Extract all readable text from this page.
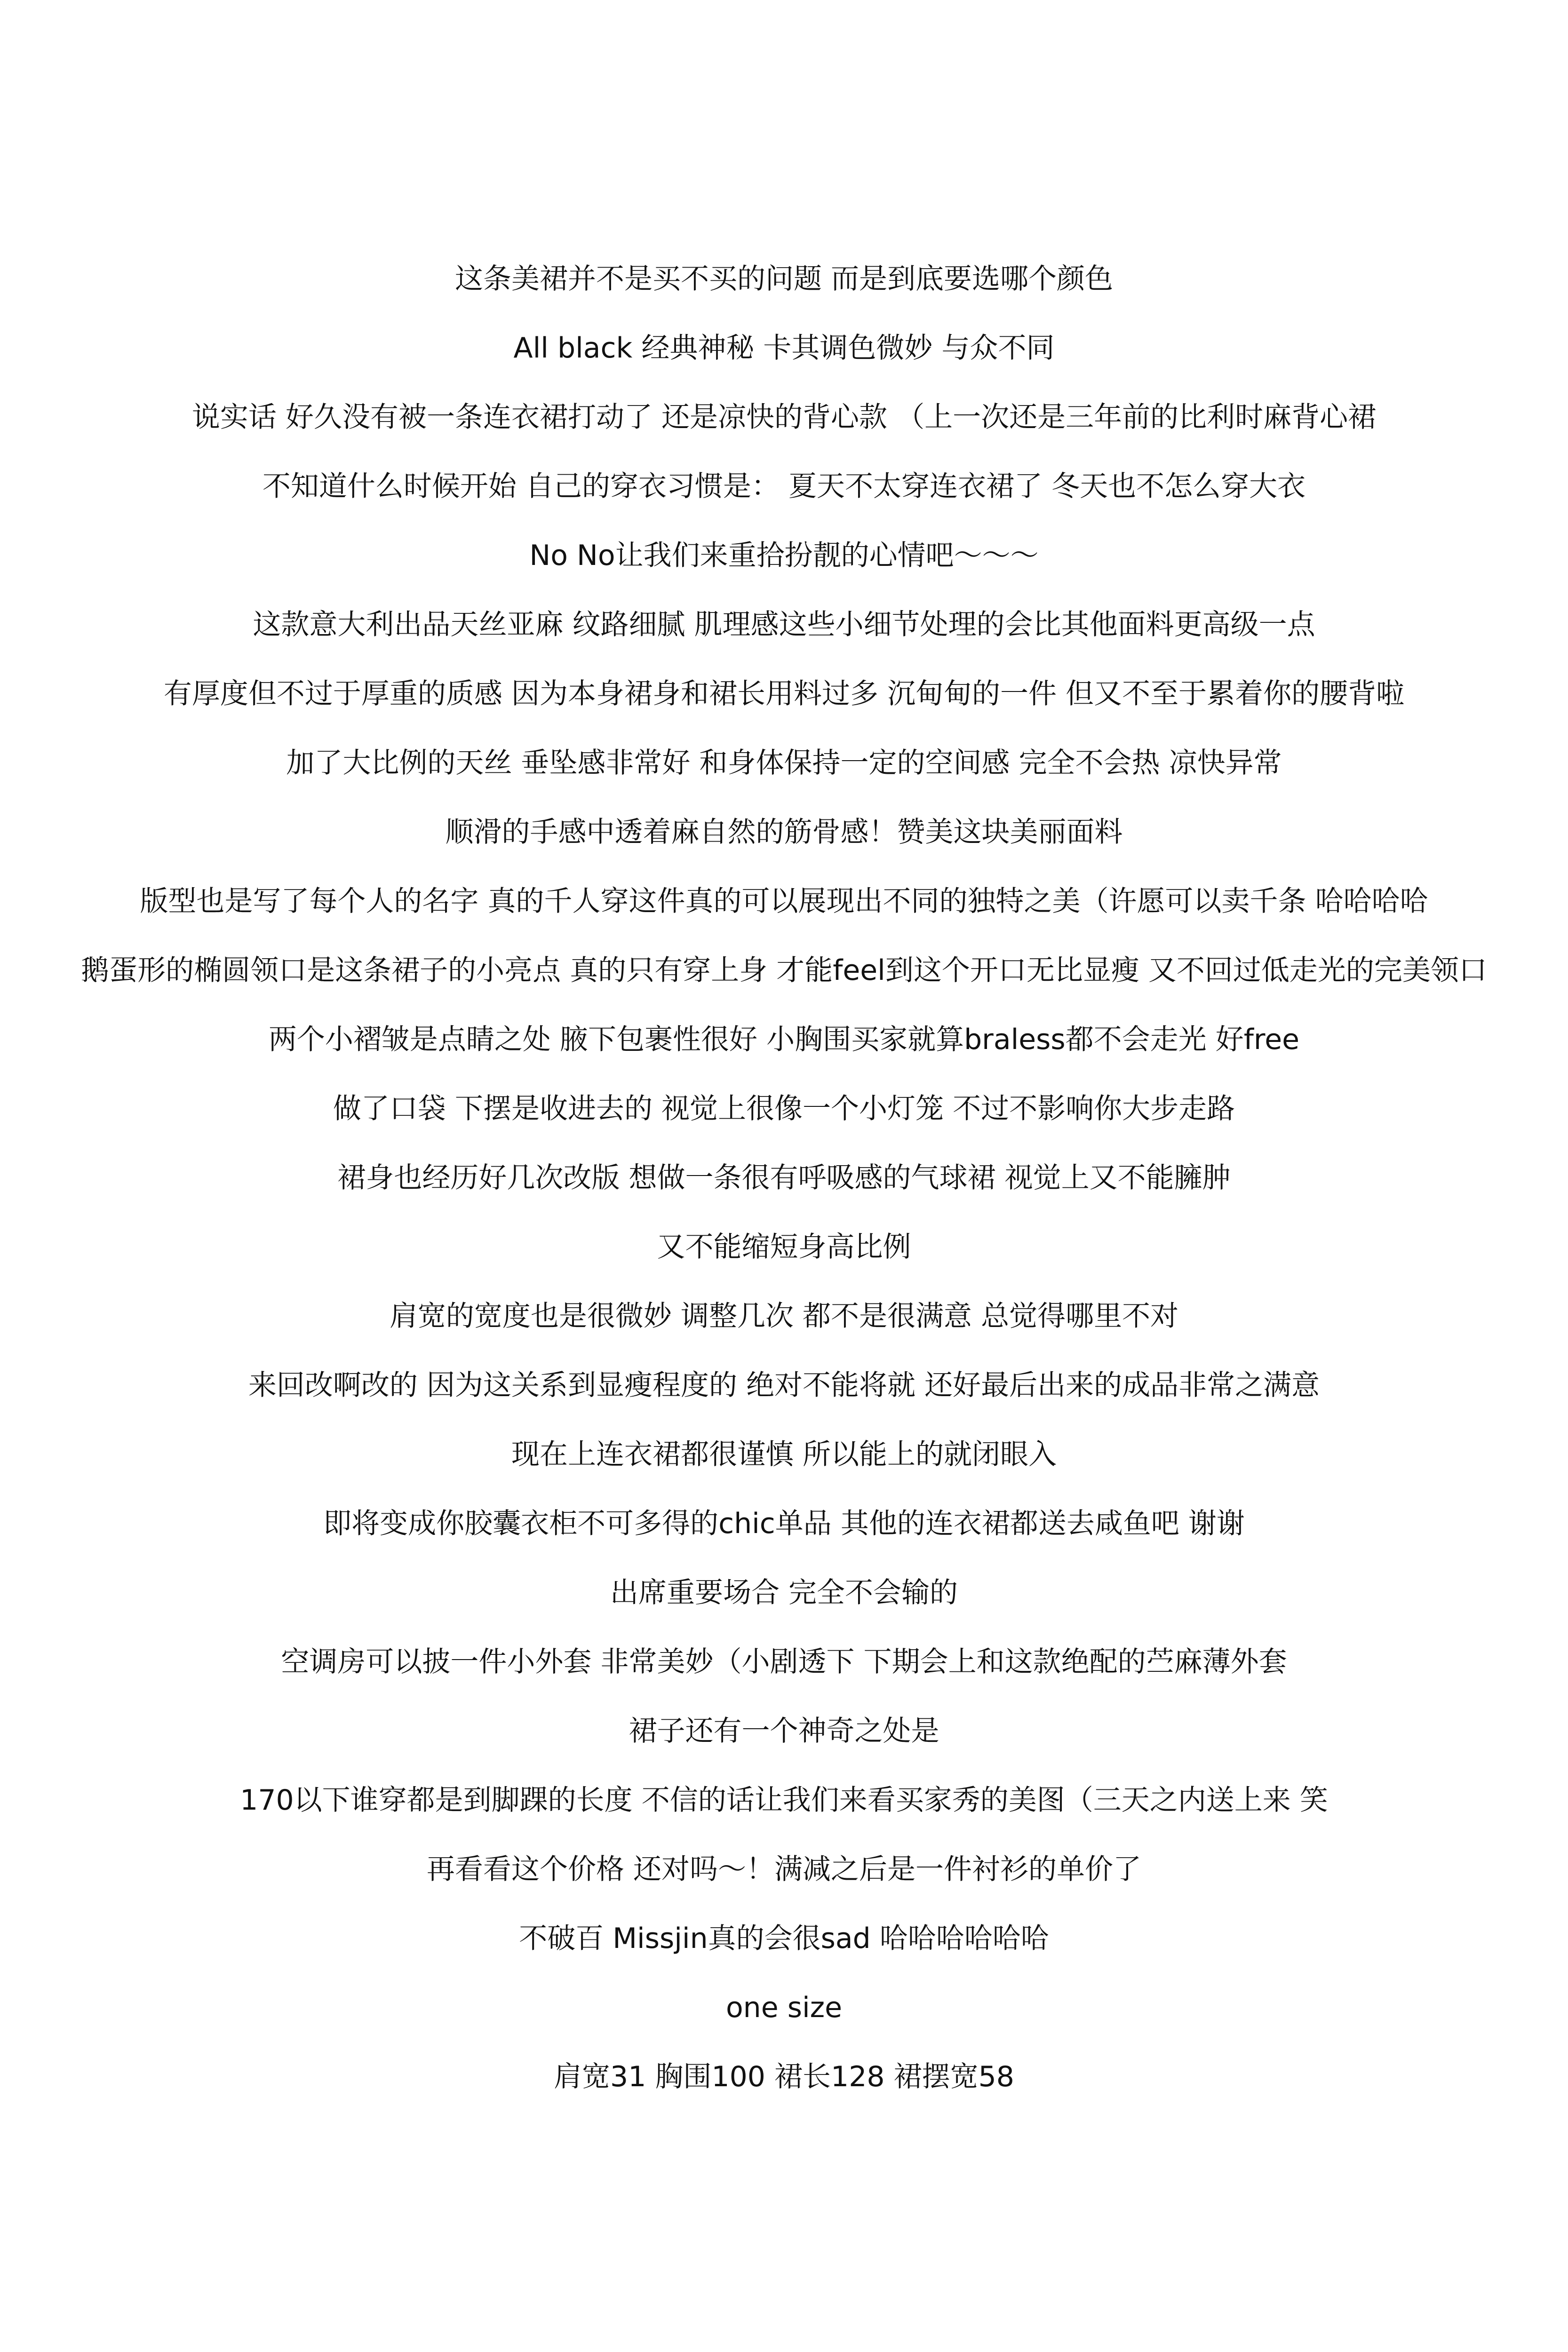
这条美裙并不是买不买的问题 而是到底要选哪个颜色
All black 经典神秘 卡其调色微妙 与众不同
说实话 好久没有被一条连衣裙打动了 还是凉快的背心款 （上一次还是三年前的比利时麻背心裙
不知道什么时候开始 自己的穿衣习惯是： 夏天不太穿连衣裙了 冬天也不怎么穿大衣
No No让我们来重拾扮靓的心情吧～～～
这款意大利出品天丝亚麻 纹路细腻 肌理感这些小细节处理的会比其他面料更高级一点
有厚度但不过于厚重的质感 因为本身裙身和裙长用料过多 沉甸甸的一件 但又不至于累着你的腰背啦
加了大比例的天丝 垂坠感非常好 和身体保持一定的空间感 完全不会热 凉快异常
顺滑的手感中透着麻自然的筋骨感！赞美这块美丽面料
版型也是写了每个人的名字 真的千人穿这件真的可以展现出不同的独特之美（许愿可以卖千条 哈哈哈哈
鹅蛋形的椭圆领口是这条裙子的小亮点 真的只有穿上身 才能feel到这个开口无比显瘦 又不回过低走光的完美领口
两个小褶皱是点睛之处 腋下包裹性很好 小胸围买家就算braless都不会走光 好free
做了口袋 下摆是收进去的 视觉上很像一个小灯笼 不过不影响你大步走路
裙身也经历好几次改版 想做一条很有呼吸感的气球裙 视觉上又不能臃肿
又不能缩短身高比例
肩宽的宽度也是很微妙 调整几次 都不是很满意 总觉得哪里不对
来回改啊改的 因为这关系到显瘦程度的 绝对不能将就 还好最后出来的成品非常之满意
现在上连衣裙都很谨慎 所以能上的就闭眼入
即将变成你胶囊衣柜不可多得的chic单品 其他的连衣裙都送去咸鱼吧 谢谢
出席重要场合 完全不会输的
空调房可以披一件小外套 非常美妙（小剧透下 下期会上和这款绝配的苎麻薄外套
裙子还有一个神奇之处是
170以下谁穿都是到脚踝的长度 不信的话让我们来看买家秀的美图（三天之内送上来 笑
再看看这个价格 还对吗～！满减之后是一件衬衫的单价了
不破百 Missjin真的会很sad 哈哈哈哈哈哈
one size
肩宽31 胸围100 裙长128 裙摆宽58
